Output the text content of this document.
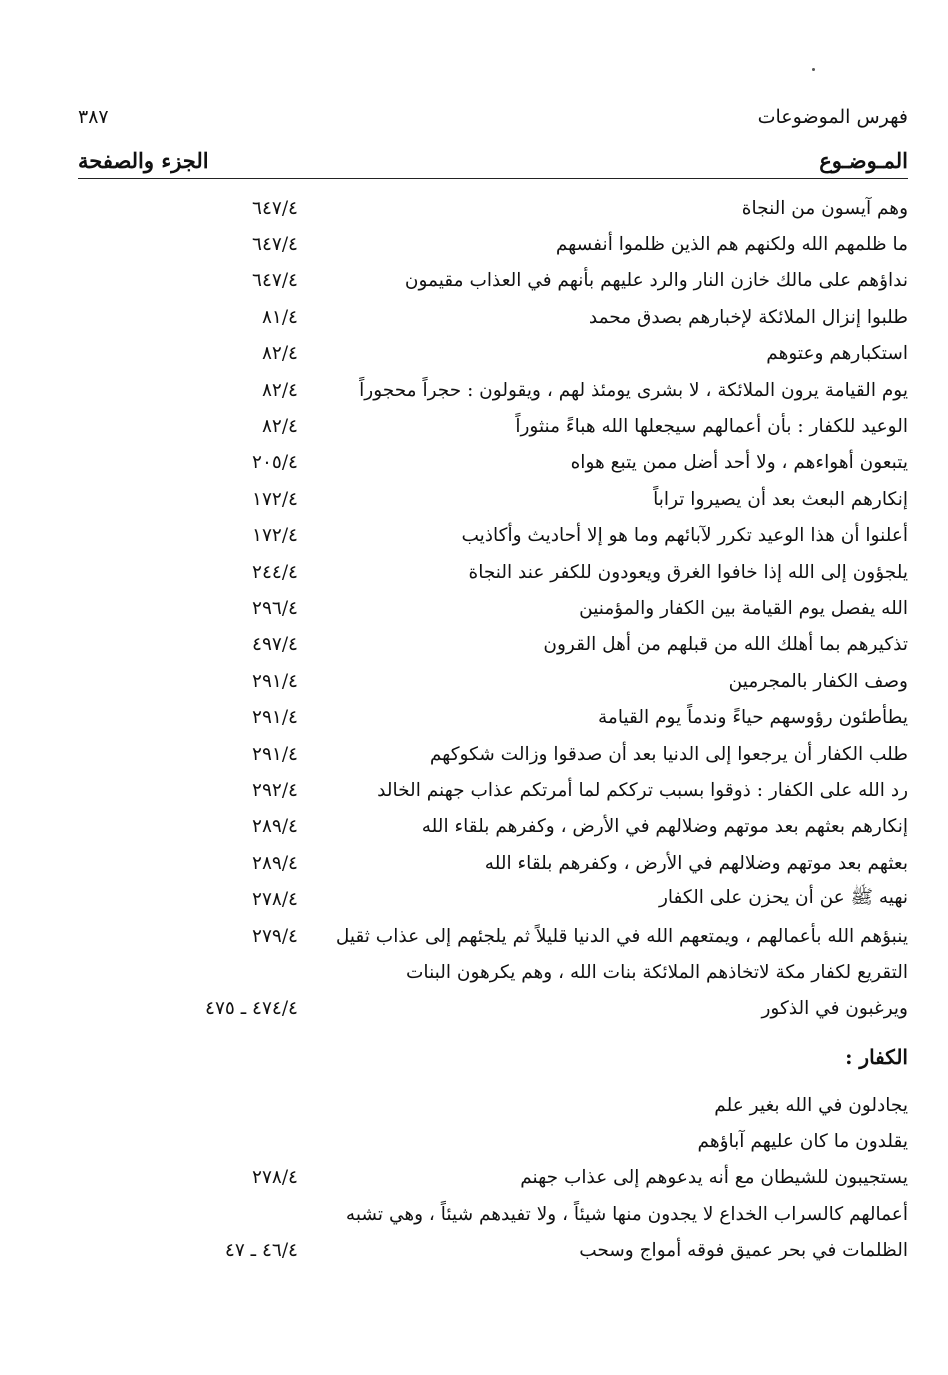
٣٨٧	فهرس الموضوعات
الجزء والصفحة	المـوضـوع
٦٤٧/٤	وهم آيسون من النجاة
٦٤٧/٤	ما ظلمهم الله ولكنهم هم الذين ظلموا أنفسهم
٦٤٧/٤	نداؤهم على مالك خازن النار والرد عليهم بأنهم في العذاب مقيمون
٨١/٤	طلبوا إنزال الملائكة لإخبارهم بصدق محمد
٨٢/٤	استكبارهم وعتوهم
٨٢/٤	يوم القيامة يرون الملائكة ، لا بشرى يومئذ لهم ، ويقولون : حجراً محجوراً
٨٢/٤	الوعيد للكفار : بأن أعمالهم سيجعلها الله هباءً منثوراً
٢٠٥/٤	يتبعون أهواءهم ، ولا أحد أضل ممن يتبع هواه
١٧٢/٤	إنكارهم البعث بعد أن يصيروا تراباً
١٧٢/٤	أعلنوا أن هذا الوعيد تكرر لآبائهم وما هو إلا أحاديث وأكاذيب
٢٤٤/٤	يلجؤون إلى الله إذا خافوا الغرق ويعودون للكفر عند النجاة
٢٩٦/٤	الله يفصل يوم القيامة بين الكفار والمؤمنين
٤٩٧/٤	تذكيرهم بما أهلك الله من قبلهم من أهل القرون
٢٩١/٤	وصف الكفار بالمجرمين
٢٩١/٤	يطأطئون رؤوسهم حياءً وندماً يوم القيامة
٢٩١/٤	طلب الكفار أن يرجعوا إلى الدنيا بعد أن صدقوا وزالت شكوكهم
٢٩٢/٤	رد الله على الكفار : ذوقوا بسبب ترككم لما أمرتكم عذاب جهنم الخالد
٢٨٩/٤	إنكارهم بعثهم بعد موتهم وضلالهم في الأرض ، وكفرهم بلقاء الله
٢٨٩/٤	بعثهم بعد موتهم وضلالهم في الأرض ، وكفرهم بلقاء الله
٢٧٨/٤	نهيه ﷺ عن أن يحزن على الكفار
٢٧٩/٤ ينبؤهم الله بأعمالهم ، ويمتعهم الله في الدنيا قليلاً ثم يلجئهم إلى عذاب ثقيل
التقريع لكفار مكة لاتخاذهم الملائكة بنات الله ، وهم يكرهون البنات
٤٧٤/٤ ـ ٤٧٥	ويرغبون في الذكور
الكفار :
يجادلون في الله بغير علم
يقلدون ما كان عليهم آباؤهم
٢٧٨/٤	يستجيبون للشيطان مع أنه يدعوهم إلى عذاب جهنم
أعمالهم كالسراب الخداع لا يجدون منها شيئاً ، ولا تفيدهم شيئاً ، وهي تشبه
٤٦/٤ ـ ٤٧	الظلمات في بحر عميق فوقه أمواج وسحب
